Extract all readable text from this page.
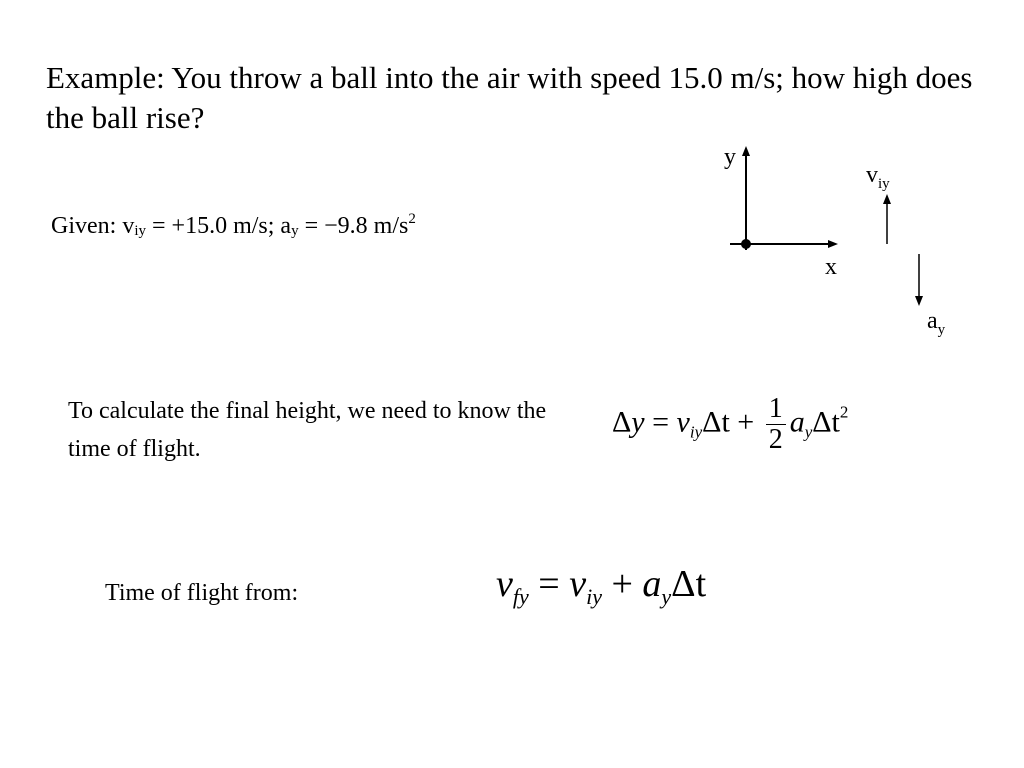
Example: You throw a ball into the air with speed 15.0 m/s; how high does the ball rise?
Given: $v_{iy} = +15.0$ m/s; $a_y = -9.8$ $m/s^2$
y
x
$v_{iy}$
$a_y$
To calculate the final height, we need to know the time of flight.
$\Delta y = v_{iy}\Delta t + \frac{1}{2} a_y\Delta t^2$
Time of flight from:	$v_{fy} = v_{iy} + a_y\Delta t$
